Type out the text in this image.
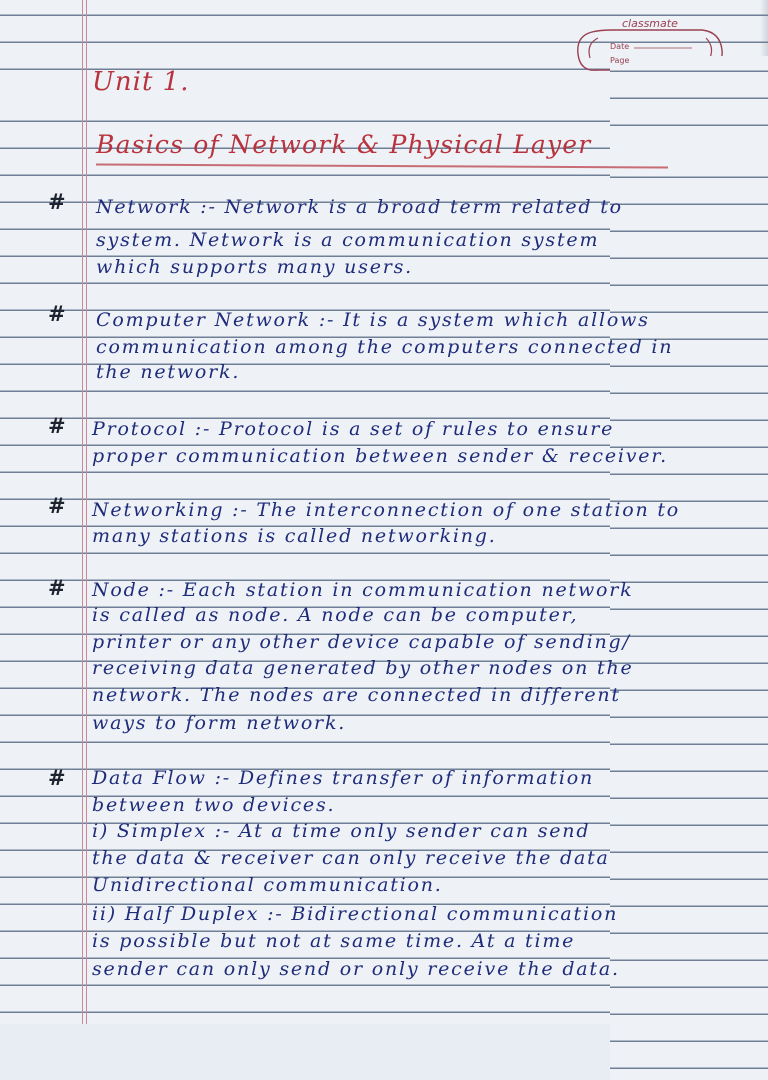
classmate
Date
Page
Unit 1.
Basics of Network & Physical Layer
# Network :- Network is a broad term related to
system. Network is a communication system
which supports many users.
# Computer Network :- It is a system which allows
communication among the computers connected in
the network.
# Protocol :- Protocol is a set of rules to ensure
proper communication between sender & receiver.
# Networking :- The interconnection of one station to
many stations is called networking.
# Node :- Each station in communication network
is called as node. A node can be computer,
printer or any other device capable of sending/
receiving data generated by other nodes on the
network. The nodes are connected in different
ways to form network.
# Data Flow :- Defines transfer of information
between two devices.
i) Simplex :- At a time only sender can send
the data & receiver can only receive the data
Unidirectional communication.
ii) Half Duplex :- Bidirectional communication
is possible but not at same time. At a time
sender can only send or only receive the data.
